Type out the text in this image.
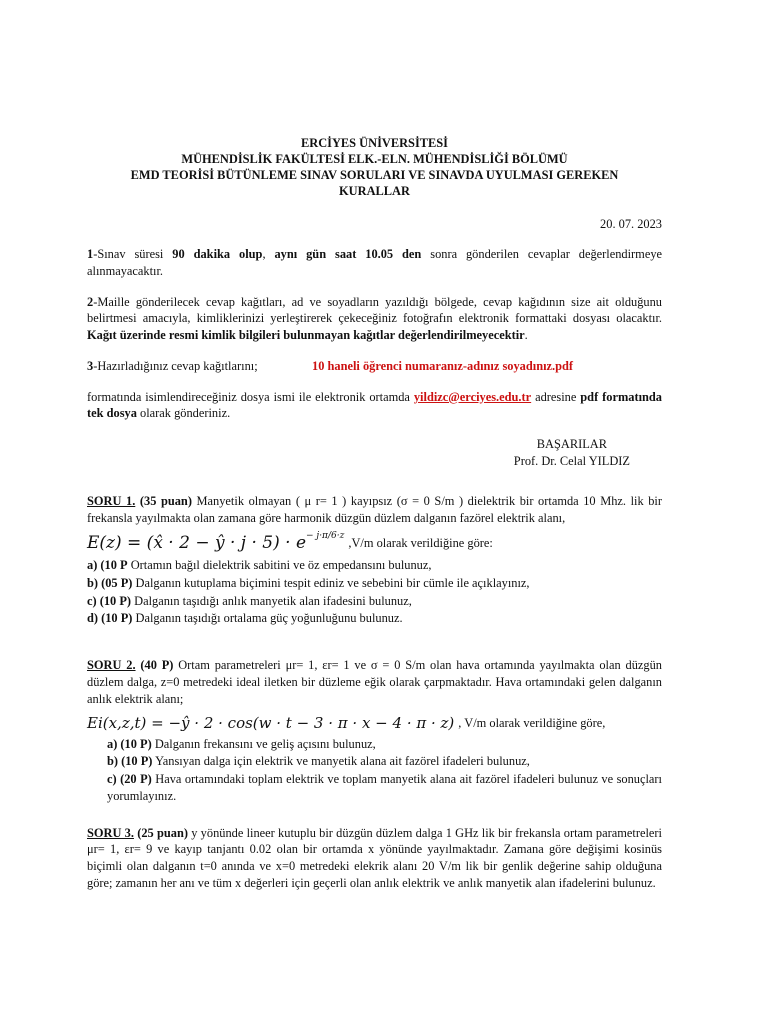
ERCİYES ÜNİVERSİTESİ
MÜHENDİSLİK FAKÜLTESİ ELK.-ELN. MÜHENDİSLİĞİ BÖLÜMÜ
EMD TEORİSİ BÜTÜNLEME SINAV SORULARI VE SINAVDA UYULMASI GEREKEN
KURALLAR
20. 07. 2023
1-Sınav süresi 90 dakika olup, aynı gün saat 10.05 den sonra gönderilen cevaplar değerlendirmeye alınmayacaktır.
2-Maille gönderilecek cevap kağıtları, ad ve soyadların yazıldığı bölgede, cevap kağıdının size ait olduğunu belirtmesi amacıyla, kimliklerinizi yerleştirerek çekeceğiniz fotoğrafın elektronik formattaki dosyası olacaktır. Kağıt üzerinde resmi kimlik bilgileri bulunmayan kağıtlar değerlendirilmeyecektir.
3-Hazırladığınız cevap kağıtlarını;	10 haneli öğrenci numaranız-adınız soyadınız.pdf
formatında isimlendireceğiniz dosya ismi ile elektronik ortamda yildizc@erciyes.edu.tr adresine pdf formatında tek dosya olarak gönderiniz.
BAŞARILAR
Prof. Dr. Celal YILDIZ
SORU 1. (35 puan) Manyetik olmayan ( μ r= 1 ) kayıpsız (σ = 0 S/m ) dielektrik bir ortamda 10 Mhz. lik bir frekansla yayılmakta olan zamana göre harmonik düzgün düzlem dalganın fazörel elektrik alanı,
E(z) = (x̂ · 2 − ŷ · $j \cdot 5) \cdot e^{- j\cdot\pi/6\cdot z}$
,V/m olarak verildiğine göre:
a) (10 P Ortamın bağıl dielektrik sabitini ve öz empedansını bulunuz,
b) (05 P) Dalganın kutuplama biçimini tespit ediniz ve sebebini bir cümle ile açıklayınız,
c) (10 P) Dalganın taşıdığı anlık manyetik alan ifadesini bulunuz,
d) (10 P) Dalganın taşıdığı ortalama güç yoğunluğunu bulunuz.
SORU 2. (40 P) Ortam parametreleri μr= 1, εr= 1 ve σ = 0 S/m olan hava ortamında yayılmakta olan düzgün düzlem dalga, z=0 metredeki ideal iletken bir düzleme eğik olarak çarpmaktadır. Hava ortamındaki gelen dalganın anlık elektrik alanı;
Ei(x,z,t) = −ŷ · 2 · cos(w · t − 3 · π · x − 4 · π · z) , V/m olarak verildiğine göre,
a) (10 P) Dalganın frekansını ve geliş açısını bulunuz,
b) (10 P) Yansıyan dalga için elektrik ve manyetik alana ait fazörel ifadeleri bulunuz,
c) (20 P) Hava ortamındaki toplam elektrik ve toplam manyetik alana ait fazörel ifadeleri bulunuz ve sonuçları yorumlayınız.
SORU 3. (25 puan) y yönünde lineer kutuplu bir düzgün düzlem dalga 1 GHz lik bir frekansla ortam parametreleri μr= 1, εr= 9 ve kayıp tanjantı 0.02 olan bir ortamda x yönünde yayılmaktadır. Zamana göre değişimi kosinüs biçimli olan dalganın t=0 anında ve x=0 metredeki elekrik alanı 20 V/m lik bir genlik değerine sahip olduğuna göre; zamanın her anı ve tüm x değerleri için geçerli olan anlık elektrik ve anlık manyetik alan ifadelerini bulunuz.
